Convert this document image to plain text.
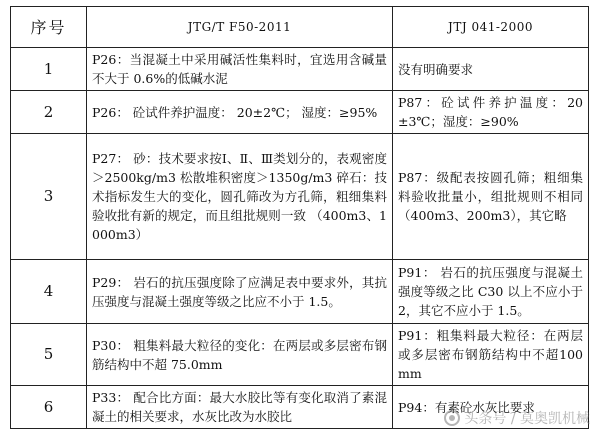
序号	JTG/T F50-2011	JTJ 041-2000
1	P26：当混凝土中采用碱活性集料时，宜选用含碱量不大于 0.6%的低碱水泥	没有明确要求

2	P26： 砼试件养护温度： 20±2℃； 湿度：≥95%	P87：砼试件养护温度：20±3℃；湿度：≥90%

3	P27： 砂：技术要求按Ⅰ、Ⅱ、Ⅲ类划分的，表观密度＞2500kg/m3 松散堆积密度＞1350g/m3 碎石：技术指标发生大的变化，圆孔筛改为方孔筛，粗细集料验收批有新的规定，而且组批规则一致 （400m3、1000m3）	P87：级配表按圆孔筛；粗细集料验收批量小，组批规则不相同（400m3、200m3），其它略

4	P29： 岩石的抗压强度除了应满足表中要求外，其抗压强度与混凝土强度等级之比应不小于 1.5。	P91： 岩石的抗压强度与混凝土强度等级之比 C30 以上不应小于 2，其它不应小于 1.5。

5	P30： 粗集料最大粒径的变化：在两层或多层密布钢筋结构中不超 75.0mm	P91：粗集料最大粒径：在两层或多层密布钢筋结构中不超100mm

6	P33： 配合比方面：最大水胶比等有变化取消了素混凝土的相关要求，水灰比改为水胶比	P94：有素砼水灰比要求
头条号 / 莫奥凯机械
